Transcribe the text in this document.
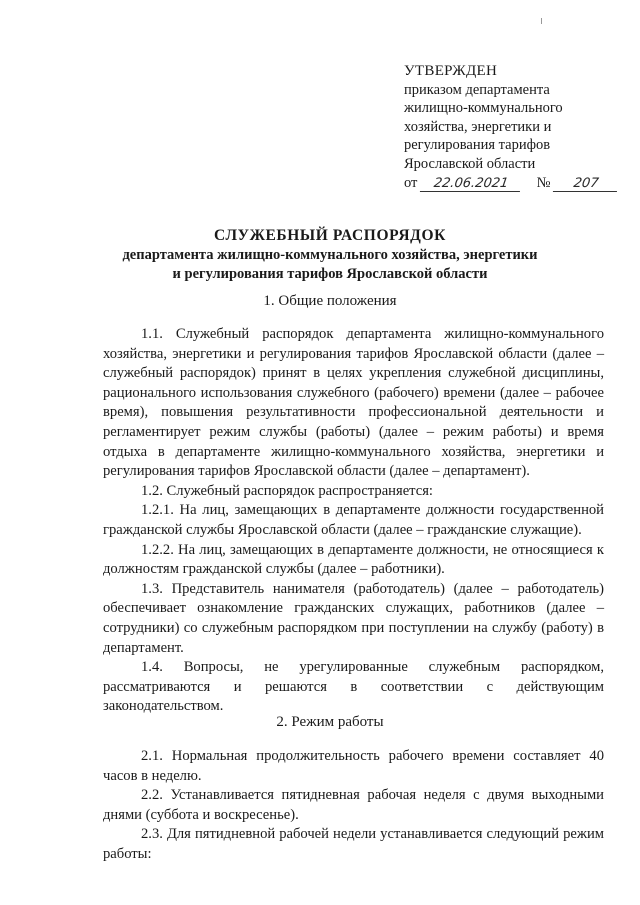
УТВЕРЖДЕН
приказом департамента
жилищно-коммунального
хозяйства, энергетики и
регулирования тарифов
Ярославской области
от 22.06.2021 № 207
СЛУЖЕБНЫЙ РАСПОРЯДОК
департамента жилищно-коммунального хозяйства, энергетики
и регулирования тарифов Ярославской области
1. Общие положения

1.1. Служебный распорядок департамента жилищно-коммунального хозяйства, энергетики и регулирования тарифов Ярославской области (далее – служебный распорядок) принят в целях укрепления служебной дисциплины, рационального использования служебного (рабочего) времени (далее – рабочее время), повышения результативности профессиональной деятельности и регламентирует режим службы (работы) (далее – режим работы) и время отдыха в департаменте жилищно-коммунального хозяйства, энергетики и регулирования тарифов Ярославской области (далее – департамент).

1.2. Служебный распорядок распространяется:

1.2.1. На лиц, замещающих в департаменте должности государственной гражданской службы Ярославской области (далее – гражданские служащие).

1.2.2. На лиц, замещающих в департаменте должности, не относящиеся к должностям гражданской службы (далее – работники).

1.3. Представитель нанимателя (работодатель) (далее – работодатель) обеспечивает ознакомление гражданских служащих, работников (далее – сотрудники) со служебным распорядком при поступлении на службу (работу) в департамент.

1.4. Вопросы, не урегулированные служебным распорядком, рассматриваются и решаются в соответствии с действующим законодательством.

2. Режим работы

2.1. Нормальная продолжительность рабочего времени составляет 40 часов в неделю.

2.2. Устанавливается пятидневная рабочая неделя с двумя выходными днями (суббота и воскресенье).

2.3. Для пятидневной рабочей недели устанавливается следующий режим работы:
